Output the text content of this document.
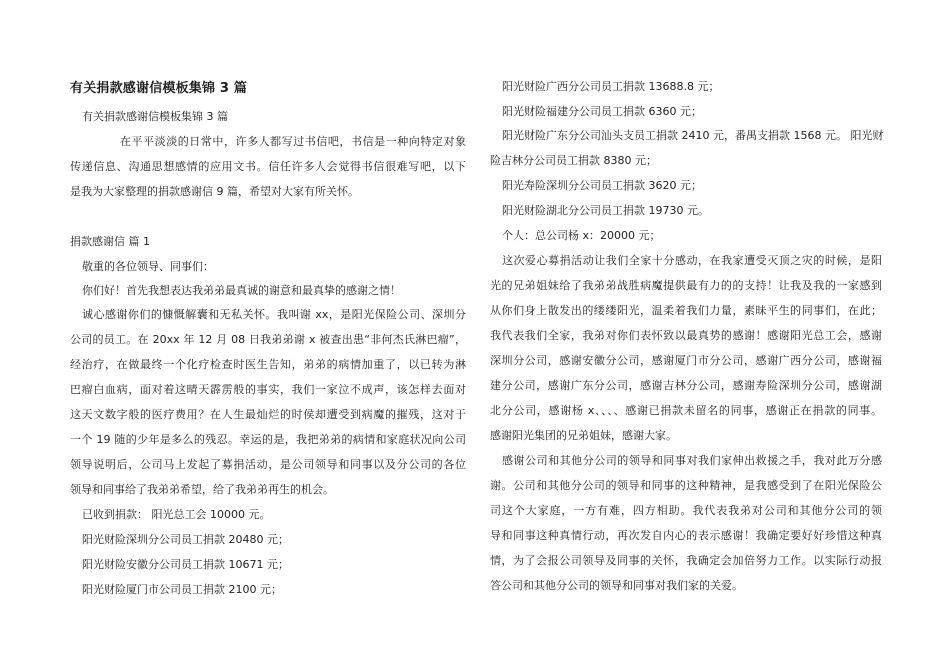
有关捐款感谢信模板集锦 3 篇

有关捐款感谢信模板集锦 3 篇

在平平淡淡的日常中，许多人都写过书信吧，书信是一种向特定对象

传递信息、沟通思想感情的应用文书。信任许多人会觉得书信很难写吧，以下

是我为大家整理的捐款感谢信 9 篇，希望对大家有所关怀。

捐款感谢信 篇 1

敬重的各位领导、同事们：

你们好！首先我想表达我弟弟最真诚的谢意和最真挚的感谢之情！

诚心感谢你们的慷慨解囊和无私关怀。我叫谢 xx，是阳光保险公司、深圳分

公司的员工。在 20xx 年 12 月 08 日我弟弟谢 x 被查出患“非何杰氏淋巴瘤”，

经治疗，在做最终一个化疗检查时医生告知，弟弟的病情加重了，以已转为淋

巴瘤白血病，面对着这晴天霹雳般的事实，我们一家泣不成声，该怎样去面对

这天文数字般的医疗费用？在人生最灿烂的时侯却遭受到病魔的摧残，这对于

一个 19 随的少年是多么的残忍。幸运的是，我把弟弟的病情和家庭状况向公司

领导说明后，公司马上发起了募捐活动，是公司领导和同事以及分公司的各位

领导和同事给了我弟弟希望，给了我弟弟再生的机会。

已收到捐款： 阳光总工会 10000 元。

阳光财险深圳分公司员工捐款 20480 元；

阳光财险安徽分公司员工捐款 10671 元；

阳光财险厦门市公司员工捐款 2100 元；

阳光财险广西分公司员工捐款 13688.8 元；

阳光财险福建分公司员工捐款 6360 元；

阳光财险广东分公司汕头支员工捐款 2410 元，番禺支捐款 1568 元。 阳光财

险吉林分公司员工捐款 8380 元；

阳光寿险深圳分公司员工捐款 3620 元；

阳光财险湖北分公司员工捐款 19730 元。

个人：总公司杨 x：20000 元；

这次爱心募捐活动让我们全家十分感动，在我家遭受灭顶之灾的时候，是阳

光的兄弟姐妹给了我弟弟战胜病魔提供最有力的的支持！让我及我的一家感到

从你们身上散发出的缕缕阳光，温柔着我们力量，素昧平生的同事们，在此；

我代表我们全家，我弟对你们表怀致以最真势的感谢！感谢阳光总工会，感谢

深圳分公司，感谢安徽分公司，感谢厦门市分公司，感谢广西分公司，感谢福

建分公司，感谢广东分公司，感谢吉林分公司，感谢寿险深圳分公司，感谢湖

北分公司，感谢杨 x、、、、感谢已捐款未留名的同事，感谢正在捐款的同事。

感谢阳光集团的兄弟姐妹，感谢大家。

感谢公司和其他分公司的领导和同事对我们家伸出救援之手，我对此万分感

谢。公司和其他分公司的领导和同事的这种精神，是我感受到了在阳光保险公

司这个大家庭，一方有难，四方相助。我代表我弟对公司和其他分公司的领

导和同事这种真情行动，再次发自内心的表示感谢！我确定要好好珍惜这种真

情，为了会报公司领导及同事的关怀，我确定会加倍努力工作。以实际行动报

答公司和其他分公司的领导和同事对我们家的关爱。
